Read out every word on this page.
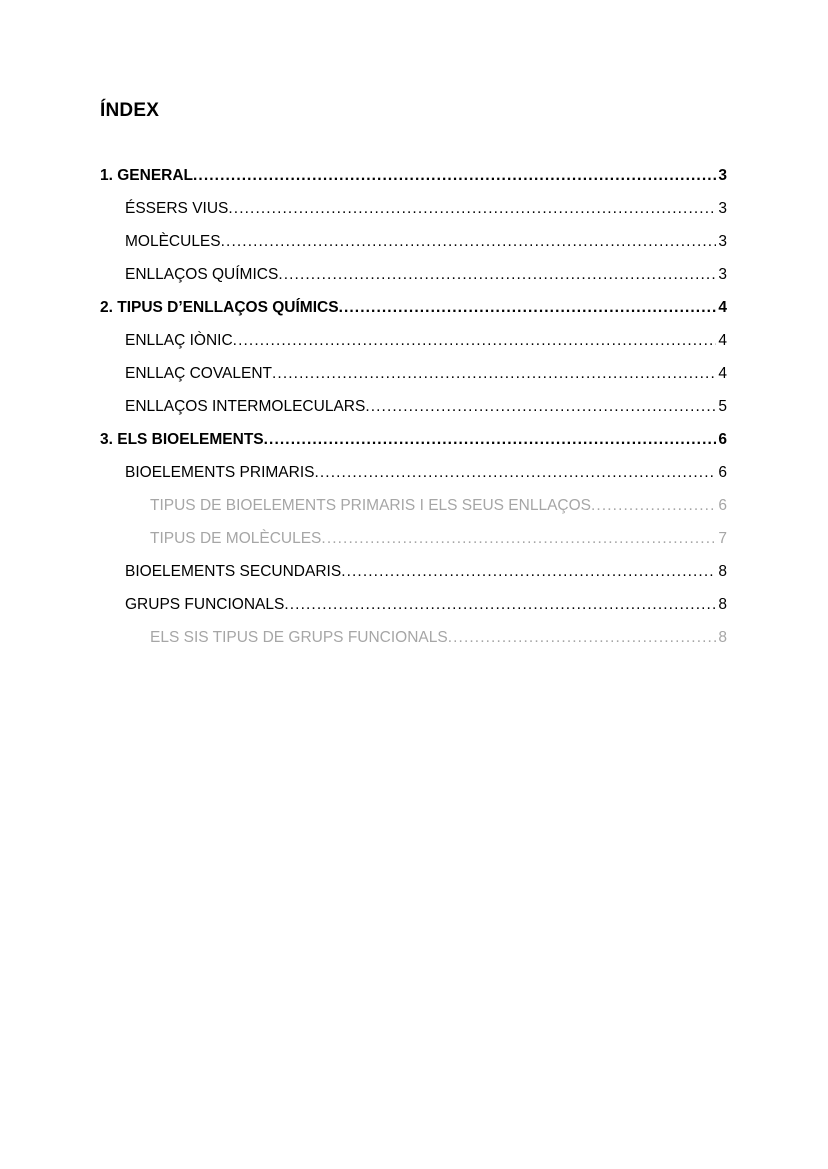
ÍNDEX
1. GENERAL . . .	3
ÉSSERS VIUS . . .	3
MOLÈCULES . . .	3
ENLLAÇOS QUÍMICS . . .	3
2. TIPUS D’ENLLAÇOS QUÍMICS . . .	4
ENLLAÇ IÒNIC . . .	4
ENLLAÇ COVALENT . . .	4
ENLLAÇOS INTERMOLECULARS . . .	5
3. ELS BIOELEMENTS . . .	6
BIOELEMENTS PRIMARIS . . .	6
TIPUS DE BIOELEMENTS PRIMARIS I ELS SEUS ENLLAÇOS . . .	6
TIPUS DE MOLÈCULES . . .	7
BIOELEMENTS SECUNDARIS . . .	8
GRUPS FUNCIONALS . . .	8
ELS SIS TIPUS DE GRUPS FUNCIONALS . . .	8
